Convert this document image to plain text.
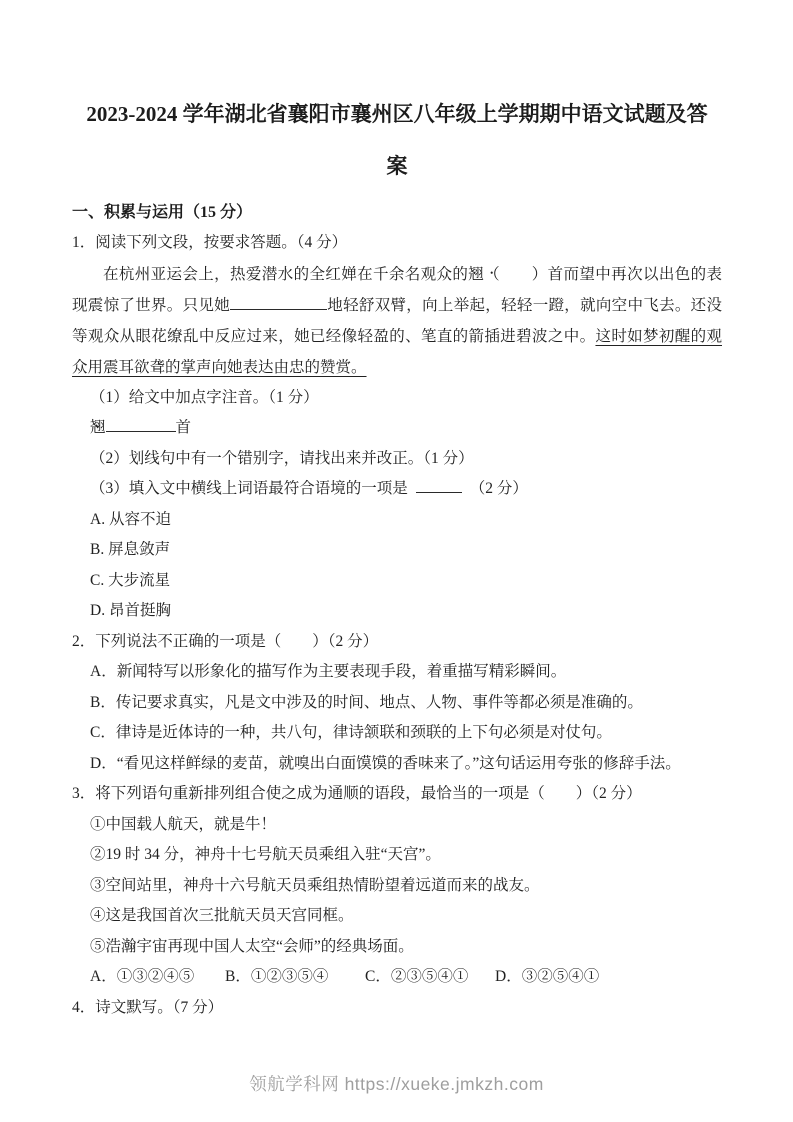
2023-2024 学年湖北省襄阳市襄州区八年级上学期期中语文试题及答
案
一、积累与运用（15 分）

1．阅读下列文段，按要求答题。（4 分）

在杭州亚运会上，热爱潜水的全红婵在千余名观众的翘 •（　　）首而望中再次以出色的表现震惊了世界。只见她	地轻舒双臂，向上举起，轻轻一蹬，就向空中飞去。还没等观众从眼花缭乱中反应过来，她已经像轻盈的、笔直的箭插进碧波之中。这时如梦初醒的观众用震耳欲聋的掌声向她表达由忠的赞赏。

（1）给文中加点字注音。（1 分）

翘 •	首

（2）划线句中有一个错别字，请找出来并改正。（1 分）

（3）填入文中横线上词语最符合语境的一项是	（2 分）

A. 从容不迫

B. 屏息敛声

C. 大步流星

D. 昂首挺胸

2．下列说法不正确的一项是（　　）（2 分）

A．新闻特写以形象化的描写作为主要表现手段，着重描写精彩瞬间。

B．传记要求真实，凡是文中涉及的时间、地点、人物、事件等都必须是准确的。

C．律诗是近体诗的一种，共八句，律诗颔联和颈联的上下句必须是对仗句。

D．“看见这样鲜绿的麦苗，就嗅出白面馍馍的香味来了。”这句话运用夸张的修辞手法。

3．将下列语句重新排列组合使之成为通顺的语段，最恰当的一项是（　　）（2 分）

①中国载人航天，就是牛！

②19 时 34 分，神舟十七号航天员乘组入驻“天宫”。

③空间站里，神舟十六号航天员乘组热情盼望着远道而来的战友。

④这是我国首次三批航天员天宫同框。

⑤浩瀚宇宙再现中国人太空“会师”的经典场面。

A．①③②④⑤	B．①②③⑤④	C．②③⑤④①	D．③②⑤④①

4．诗文默写。（7 分）

领航学科网 https://xueke.jmkzh.com
